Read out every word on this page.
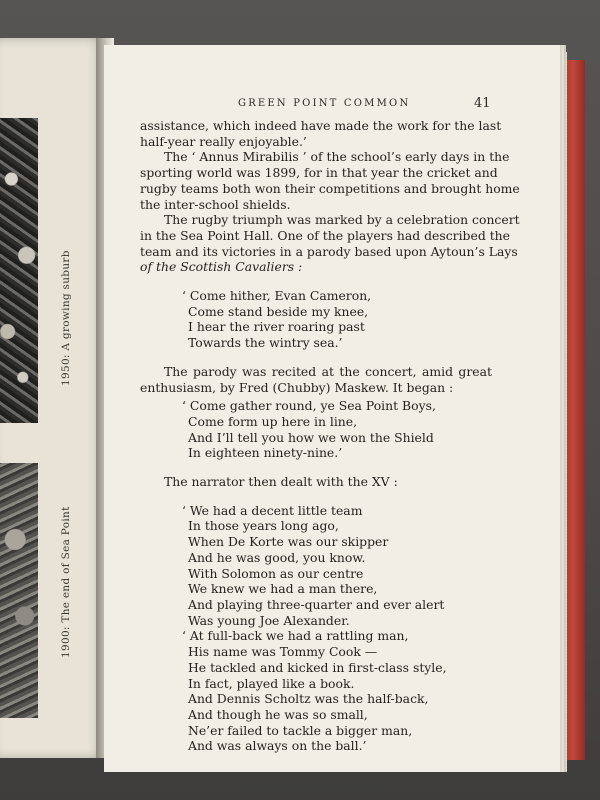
1950: A growing suburb
1900: The end of Sea Point
GREEN POINT COMMON	41

assistance, which indeed have made the work for the last
half-year really enjoyable.’

The ‘ Annus Mirabilis ’ of the school’s early days in the
sporting world was 1899, for in that year the cricket and
rugby teams both won their competitions and brought home
the inter-school shields.

The rugby triumph was marked by a celebration concert
in the Sea Point Hall. One of the players had described the
team and its victories in a parody based upon Aytoun’s Lays
of the Scottish Cavaliers :

‘ Come hither, Evan Cameron,
Come stand beside my knee,
I hear the river roaring past
Towards the wintry sea.’

The parody was recited at the concert, amid great
enthusiasm, by Fred (Chubby) Maskew. It began :

‘ Come gather round, ye Sea Point Boys,
Come form up here in line,
And I’ll tell you how we won the Shield
In eighteen ninety-nine.’

The narrator then dealt with the XV :

‘ We had a decent little team
In those years long ago,
When De Korte was our skipper
And he was good, you know.
With Solomon as our centre
We knew we had a man there,
And playing three-quarter and ever alert
Was young Joe Alexander.
‘ At full-back we had a rattling man,
His name was Tommy Cook —
He tackled and kicked in first-class style,
In fact, played like a book.
And Dennis Scholtz was the half-back,
And though he was so small,
Ne’er failed to tackle a bigger man,
And was always on the ball.’
